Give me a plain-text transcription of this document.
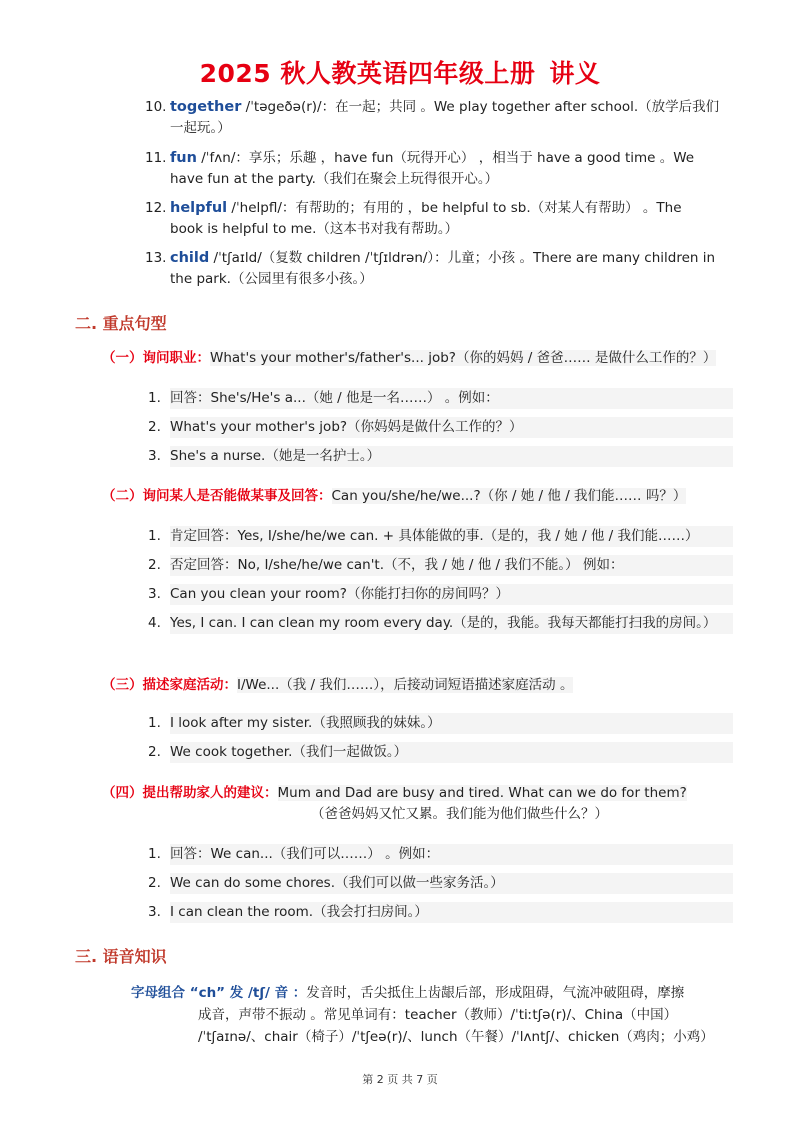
2025 秋人教英语四年级上册 讲义
10. together /ˈtəgeðə(r)/：在一起；共同 。We play together after school.（放学后我们
一起玩。）
11. fun /ˈfʌn/：享乐；乐趣 ，have fun（玩得开心） ，相当于 have a good time 。We
have fun at the party.（我们在聚会上玩得很开心。）
12. helpful /ˈhelpfl/：有帮助的；有用的 ，be helpful to sb.（对某人有帮助） 。The
book is helpful to me.（这本书对我有帮助。）
13. child /ˈtʃaɪld/（复数 children /ˈtʃɪldrən/）：儿童；小孩 。There are many children in
the park.（公园里有很多小孩。）
二. 重点句型
（一）询问职业：What's your mother's/father's... job?（你的妈妈 / 爸爸…… 是做什么工作的？）
1. 回答：She's/He's a...（她 / 他是一名……） 。例如：
2. What's your mother's job?（你妈妈是做什么工作的？）
3. She's a nurse.（她是一名护士。）
（二）询问某人是否能做某事及回答：Can you/she/he/we...?（你 / 她 / 他 / 我们能…… 吗？）
1. 肯定回答：Yes, I/she/he/we can. + 具体能做的事.（是的，我 / 她 / 他 / 我们能……）
2. 否定回答：No, I/she/he/we can't.（不，我 / 她 / 他 / 我们不能。） 例如：
3. Can you clean your room?（你能打扫你的房间吗？）
4. Yes, I can. I can clean my room every day.（是的，我能。我每天都能打扫我的房间。）
（三）描述家庭活动：I/We...（我 / 我们……），后接动词短语描述家庭活动 。
1. I look after my sister.（我照顾我的妹妹。）
2. We cook together.（我们一起做饭。）
（四）提出帮助家人的建议：Mum and Dad are busy and tired. What can we do for them?
（爸爸妈妈又忙又累。我们能为他们做些什么？）
1. 回答：We can...（我们可以……） 。例如：
2. We can do some chores.（我们可以做一些家务活。）
3. I can clean the room.（我会打扫房间。）
三. 语音知识
字母组合 “ch” 发 /tʃ/ 音 ：发音时，舌尖抵住上齿龈后部，形成阻碍，气流冲破阻碍，摩擦
成音，声带不振动 。常见单词有：teacher（教师）/ˈtiːtʃə(r)/、China（中国）
/ˈtʃaɪnə/、chair（椅子）/ˈtʃeə(r)/、lunch（午餐）/ˈlʌntʃ/、chicken（鸡肉；小鸡）
第 2 页 共 7 页
